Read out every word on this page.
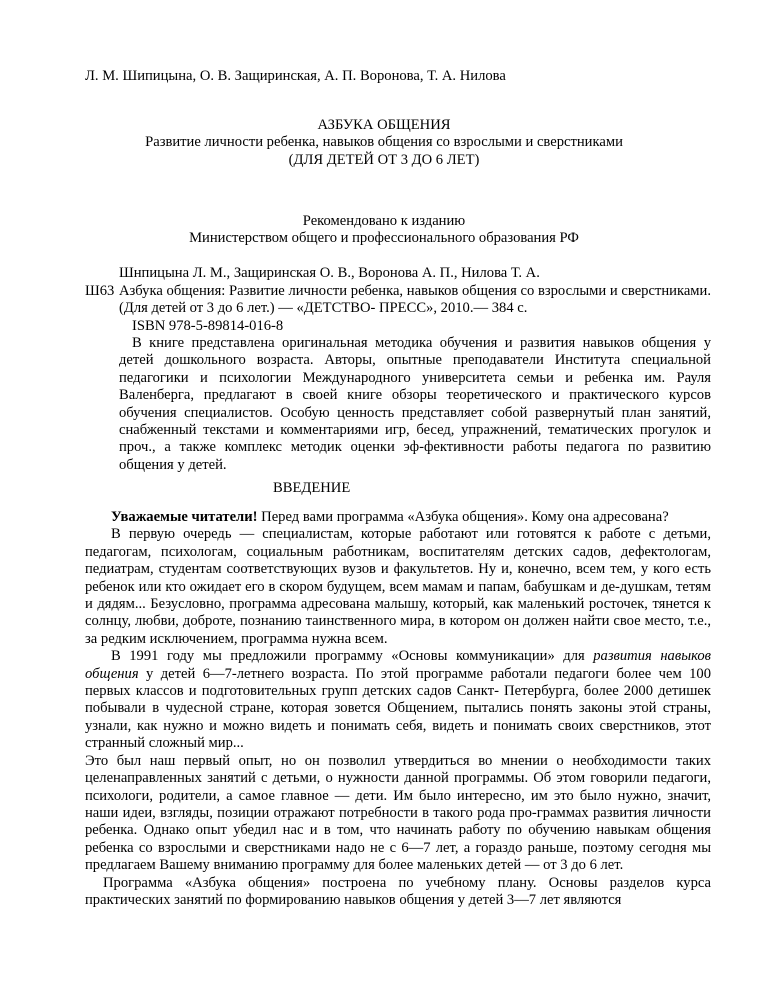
Л. М. Шипицына, О. В. Защиринская, А. П. Воронова, Т. А. Нилова
АЗБУКА ОБЩЕНИЯ
Развитие личности ребенка, навыков общения со взрослыми и сверстниками
(ДЛЯ ДЕТЕЙ ОТ 3 ДО 6 ЛЕТ)
Рекомендовано к изданию
Министерством общего и профессионального образования РФ
Шнпицына Л. М., Защиринская О. В., Воронова А. П., Нилова Т. А.
Ш63 Азбука общения: Развитие личности ребенка, навыков общения со взрослыми и сверстниками. (Для детей от 3 до 6 лет.) — «ДЕТСТВО- ПРЕСС», 2010.— 384 с.
ISBN 978-5-89814-016-8
В книге представлена оригинальная методика обучения и развития навыков общения у детей дошкольного возраста. Авторы, опытные преподаватели Института специальной педагогики и психологии Международного университета семьи и ребенка им. Рауля Валенберга, предлагают в своей книге обзоры теоретического и практического курсов обучения специалистов. Особую ценность представляет собой развернутый план занятий, снабженный текстами и комментариями игр, бесед, упражнений, тематических прогулок и проч., а также комплекс методик оценки эф-фективности работы педагога по развитию общения у детей.
ВВЕДЕНИЕ

Уважаемые читатели! Перед вами программа «Азбука общения». Кому она адресована?

В первую очередь — специалистам, которые работают или готовятся к работе с детьми, педагогам, психологам, социальным работникам, воспитателям детских садов, дефектологам, педиатрам, студентам соответствующих вузов и факультетов. Ну и, конечно, всем тем, у кого есть ребенок или кто ожидает его в скором будущем, всем мамам и папам, бабушкам и де-душкам, тетям и дядям... Безусловно, программа адресована малышу, который, как маленький росточек, тянется к солнцу, любви, доброте, познанию таинственного мира, в котором он должен найти свое место, т.е., за редким исключением, программа нужна всем.

В 1991 году мы предложили программу «Основы коммуникации» для развития навыков общения у детей 6—7-летнего возраста. По этой программе работали педагоги более чем 100 первых классов и подготовительных групп детских садов Санкт- Петербурга, более 2000 детишек побывали в чудесной стране, которая зовется Общением, пытались понять законы этой страны, узнали, как нужно и можно видеть и понимать себя, видеть и понимать своих сверстников, этот странный сложный мир...

Это был наш первый опыт, но он позволил утвердиться во мнении о необходимости таких целенаправленных занятий с детьми, о нужности данной программы. Об этом говорили педагоги, психологи, родители, а самое главное — дети. Им было интересно, им это было нужно, значит, наши идеи, взгляды, позиции отражают потребности в такого рода про-граммах развития личности ребенка. Однако опыт убедил нас и в том, что начинать работу по обучению навыкам общения ребенка со взрослыми и сверстниками надо не с 6—7 лет, а гораздо раньше, поэтому сегодня мы предлагаем Вашему вниманию программу для более маленьких детей — от 3 до 6 лет.

Программа «Азбука общения» построена по учебному плану. Основы разделов курса практических занятий по формированию навыков общения у детей 3—7 лет являются
